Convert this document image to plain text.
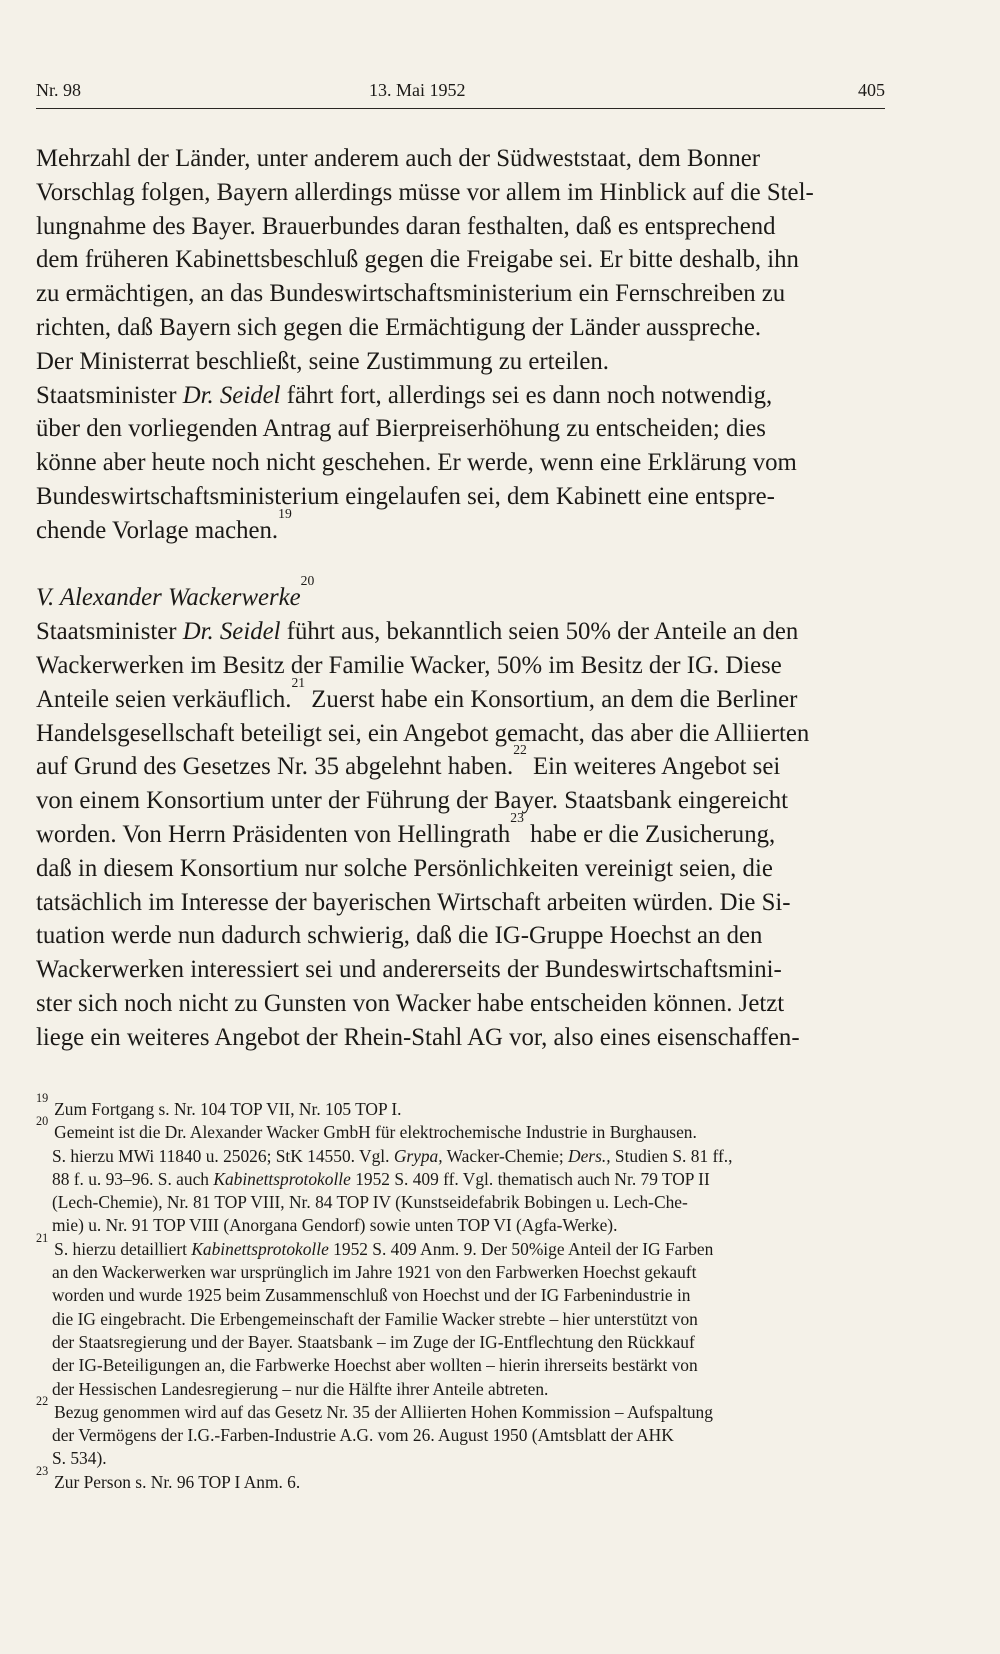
Nr. 98	13. Mai 1952	405
Mehrzahl der Länder, unter anderem auch der Südweststaat, dem Bonner
Vorschlag folgen, Bayern allerdings müsse vor allem im Hinblick auf die Stel-
lungnahme des Bayer. Brauerbundes daran festhalten, daß es entsprechend
dem früheren Kabinettsbeschluß gegen die Freigabe sei. Er bitte deshalb, ihn
zu ermächtigen, an das Bundeswirtschaftsministerium ein Fernschreiben zu
richten, daß Bayern sich gegen die Ermächtigung der Länder ausspreche.
Der Ministerrat beschließt, seine Zustimmung zu erteilen.
Staatsminister Dr. Seidel fährt fort, allerdings sei es dann noch notwendig,
über den vorliegenden Antrag auf Bierpreiserhöhung zu entscheiden; dies
könne aber heute noch nicht geschehen. Er werde, wenn eine Erklärung vom
Bundeswirtschaftsministerium eingelaufen sei, dem Kabinett eine entspre-
chende Vorlage machen.
19
V. Alexander Wackerwerke
20
Staatsminister Dr. Seidel führt aus, bekanntlich seien 50% der Anteile an den
Wackerwerken im Besitz der Familie Wacker, 50% im Besitz der IG. Diese
Anteile seien verkäuflich.
21
Zuerst habe ein Konsortium, an dem die Berliner
Handelsgesellschaft beteiligt sei, ein Angebot gemacht, das aber die Alliierten
auf Grund des Gesetzes Nr. 35 abgelehnt haben.
22
Ein weiteres Angebot sei
von einem Konsortium unter der Führung der Bayer. Staatsbank eingereicht
worden. Von Herrn Präsidenten von Hellingrath
23
habe er die Zusicherung,
daß in diesem Konsortium nur solche Persönlichkeiten vereinigt seien, die
tatsächlich im Interesse der bayerischen Wirtschaft arbeiten würden. Die Si-
tuation werde nun dadurch schwierig, daß die IG-Gruppe Hoechst an den
Wackerwerken interessiert sei und andererseits der Bundeswirtschaftsmini-
ster sich noch nicht zu Gunsten von Wacker habe entscheiden können. Jetzt
liege ein weiteres Angebot der Rhein-Stahl AG vor, also eines eisenschaffen-
19
Zum Fortgang s. Nr. 104 TOP VII, Nr. 105 TOP I.
20
Gemeint ist die Dr. Alexander Wacker GmbH für elektrochemische Industrie in Burghausen.
S. hierzu MWi 11840 u. 25026; StK 14550. Vgl. Grypa, Wacker-Chemie; Ders., Studien S. 81 ff.,
88 f. u. 93–96. S. auch Kabinettsprotokolle 1952 S. 409 ff. Vgl. thematisch auch Nr. 79 TOP II
(Lech-Chemie), Nr. 81 TOP VIII, Nr. 84 TOP IV (Kunstseidefabrik Bobingen u. Lech-Che-
mie) u. Nr. 91 TOP VIII (Anorgana Gendorf) sowie unten TOP VI (Agfa-Werke).
21
S. hierzu detailliert Kabinettsprotokolle 1952 S. 409 Anm. 9. Der 50%ige Anteil der IG Farben
an den Wackerwerken war ursprünglich im Jahre 1921 von den Farbwerken Hoechst gekauft
worden und wurde 1925 beim Zusammenschluß von Hoechst und der IG Farbenindustrie in
die IG eingebracht. Die Erbengemeinschaft der Familie Wacker strebte – hier unterstützt von
der Staatsregierung und der Bayer. Staatsbank – im Zuge der IG-Entflechtung den Rückkauf
der IG-Beteiligungen an, die Farbwerke Hoechst aber wollten – hierin ihrerseits bestärkt von
der Hessischen Landesregierung – nur die Hälfte ihrer Anteile abtreten.
22
Bezug genommen wird auf das Gesetz Nr. 35 der Alliierten Hohen Kommission – Aufspaltung
der Vermögens der I.G.-Farben-Industrie A.G. vom 26. August 1950 (Amtsblatt der AHK
S. 534).
23
Zur Person s. Nr. 96 TOP I Anm. 6.
